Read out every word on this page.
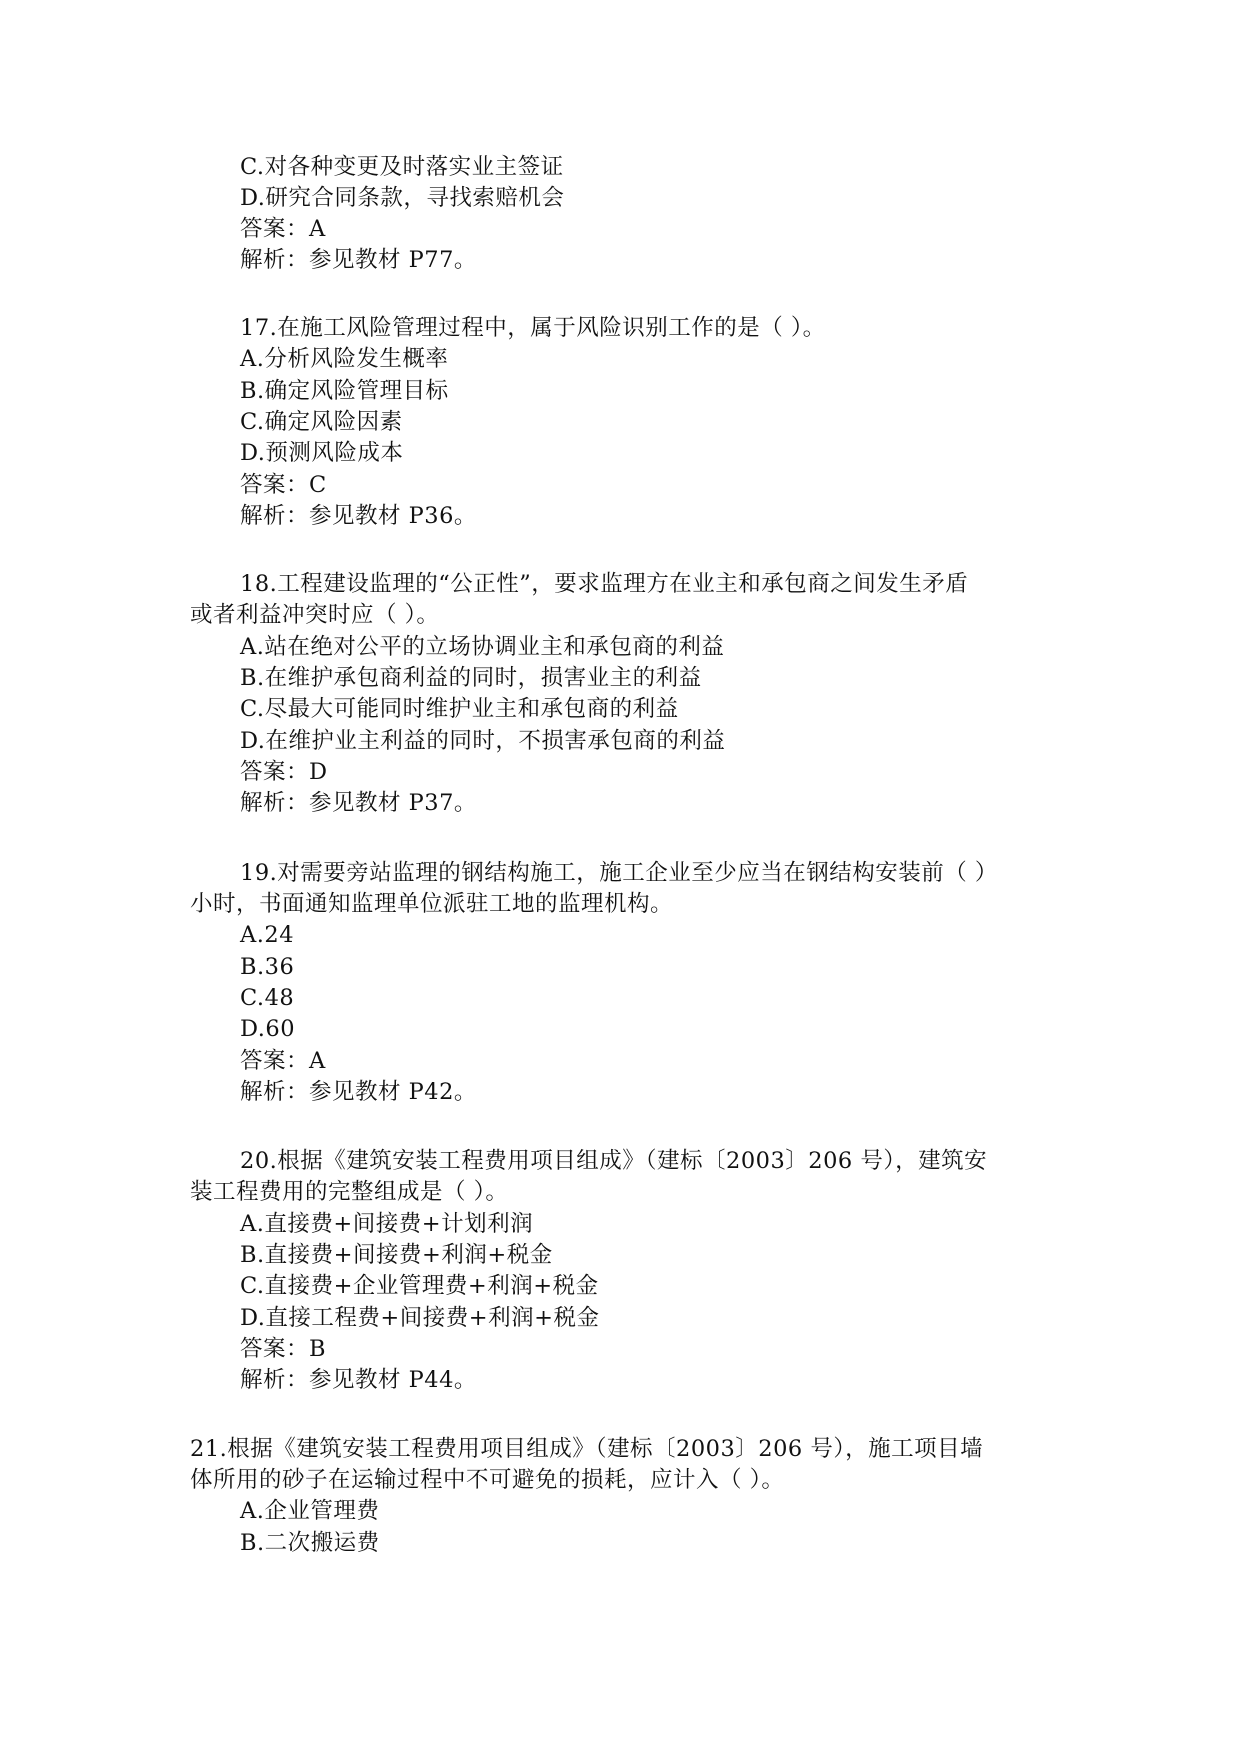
C.对各种变更及时落实业主签证
D.研究合同条款，寻找索赔机会
答案：A
解析：参见教材 P77。
17.在施工风险管理过程中，属于风险识别工作的是（ ）。
A.分析风险发生概率
B.确定风险管理目标
C.确定风险因素
D.预测风险成本
答案：C
解析：参见教材 P36。
18.工程建设监理的“公正性”，要求监理方在业主和承包商之间发生矛盾
或者利益冲突时应（ ）。
A.站在绝对公平的立场协调业主和承包商的利益
B.在维护承包商利益的同时，损害业主的利益
C.尽最大可能同时维护业主和承包商的利益
D.在维护业主利益的同时，不损害承包商的利益
答案：D
解析：参见教材 P37。
19.对需要旁站监理的钢结构施工，施工企业至少应当在钢结构安装前（ ）
小时，书面通知监理单位派驻工地的监理机构。
A.24
B.36
C.48
D.60
答案：A
解析：参见教材 P42。
20.根据《建筑安装工程费用项目组成》（建标〔2003〕206 号），建筑安
装工程费用的完整组成是（ ）。
A.直接费+间接费+计划利润
B.直接费+间接费+利润+税金
C.直接费+企业管理费+利润+税金
D.直接工程费+间接费+利润+税金
答案：B
解析：参见教材 P44。
21.根据《建筑安装工程费用项目组成》（建标〔2003〕206 号），施工项目墙
体所用的砂子在运输过程中不可避免的损耗，应计入（ ）。
A.企业管理费
B.二次搬运费
